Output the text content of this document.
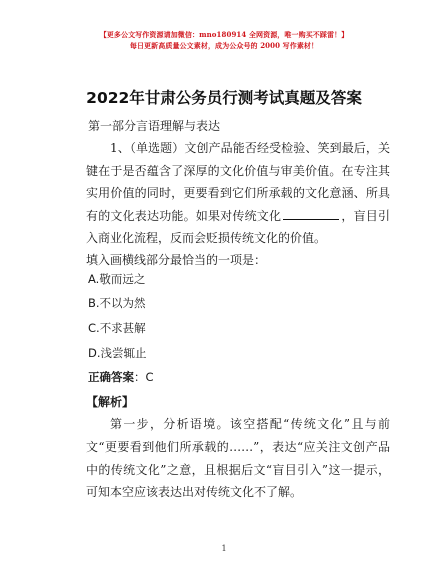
【更多公文写作资源请加微信：mno180914 全网资源，唯一购买不踩雷！】
每日更新高质量公文素材，成为公众号的 2000 写作素材！
2022年甘肃公务员行测考试真题及答案
第一部分言语理解与表达
1、（单选题）文创产品能否经受检验、笑到最后，关键在于是否蕴含了深厚的文化价值与审美价值。在专注其实用价值的同时，更要看到它们所承载的文化意涵、所具有的文化表达功能。如果对传统文化	，盲目引入商业化流程，反而会贬损传统文化的价值。
填入画横线部分最恰当的一项是：
A.敬而远之
B.不以为然
C.不求甚解
D.浅尝辄止
正确答案：C
【解析】
第一步，分析语境。该空搭配“传统文化”且与前文“更要看到他们所承载的……”，表达“应关注文创产品中的传统文化”之意，且根据后文“盲目引入”这一提示，可知本空应该表达出对传统文化不了解。
1
